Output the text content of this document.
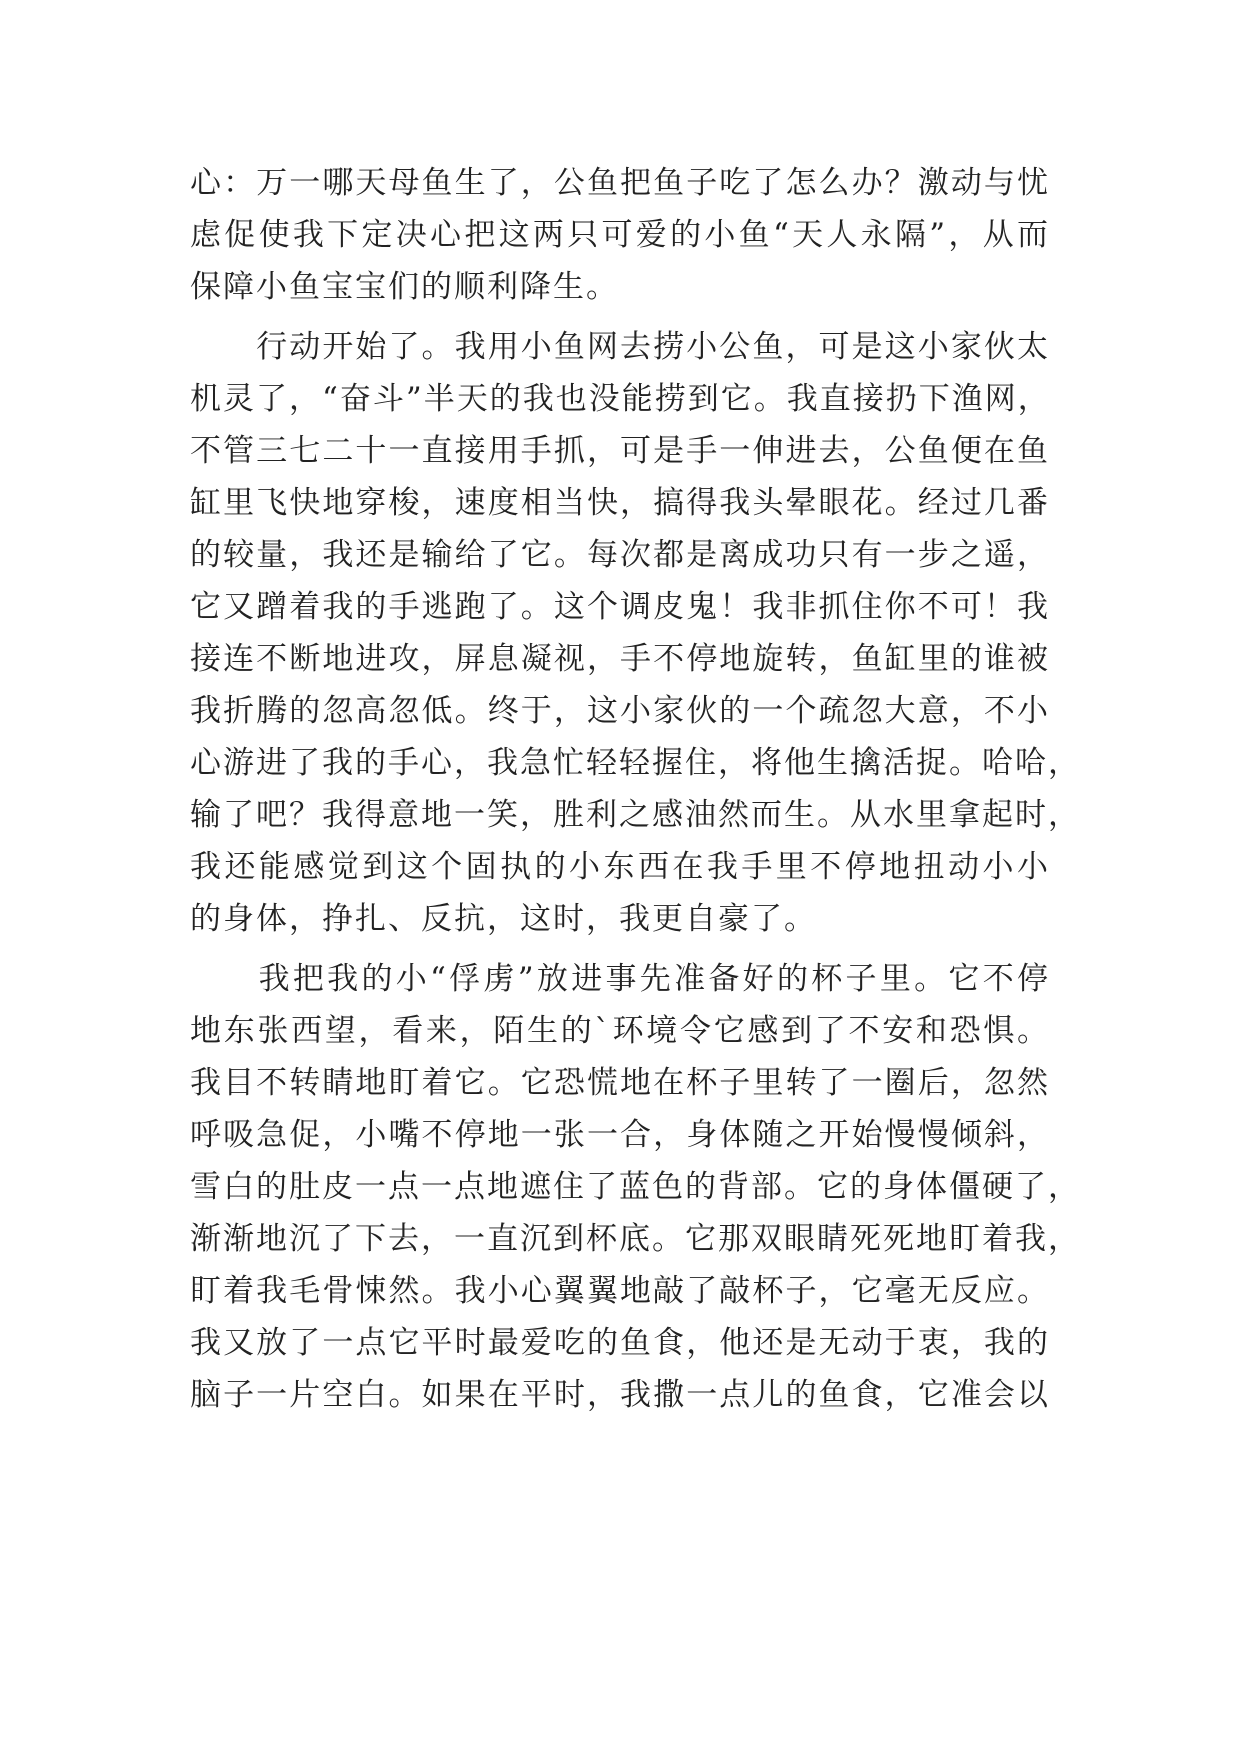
心：万一哪天母鱼生了，公鱼把鱼子吃了怎么办？激动与忧
虑促使我下定决心把这两只可爱的小鱼“天人永隔”，从而
保障小鱼宝宝们的顺利降生。
　　行动开始了。我用小鱼网去捞小公鱼，可是这小家伙太
机灵了，“奋斗”半天的我也没能捞到它。我直接扔下渔网，
不管三七二十一直接用手抓，可是手一伸进去，公鱼便在鱼
缸里飞快地穿梭，速度相当快，搞得我头晕眼花。经过几番
的较量，我还是输给了它。每次都是离成功只有一步之遥，
它又蹭着我的手逃跑了。这个调皮鬼！我非抓住你不可！我
接连不断地进攻，屏息凝视，手不停地旋转，鱼缸里的谁被
我折腾的忽高忽低。终于，这小家伙的一个疏忽大意，不小
心游进了我的手心，我急忙轻轻握住，将他生擒活捉。哈哈，
输了吧？我得意地一笑，胜利之感油然而生。从水里拿起时，
我还能感觉到这个固执的小东西在我手里不停地扭动小小
的身体，挣扎、反抗，这时，我更自豪了。
　　我把我的小“俘虏”放进事先准备好的杯子里。它不停
地东张西望，看来，陌生的`环境令它感到了不安和恐惧。
我目不转睛地盯着它。它恐慌地在杯子里转了一圈后，忽然
呼吸急促，小嘴不停地一张一合，身体随之开始慢慢倾斜，
雪白的肚皮一点一点地遮住了蓝色的背部。它的身体僵硬了，
渐渐地沉了下去，一直沉到杯底。它那双眼睛死死地盯着我，
盯着我毛骨悚然。我小心翼翼地敲了敲杯子，它毫无反应。
我又放了一点它平时最爱吃的鱼食，他还是无动于衷，我的
脑子一片空白。如果在平时，我撒一点儿的鱼食，它准会以
